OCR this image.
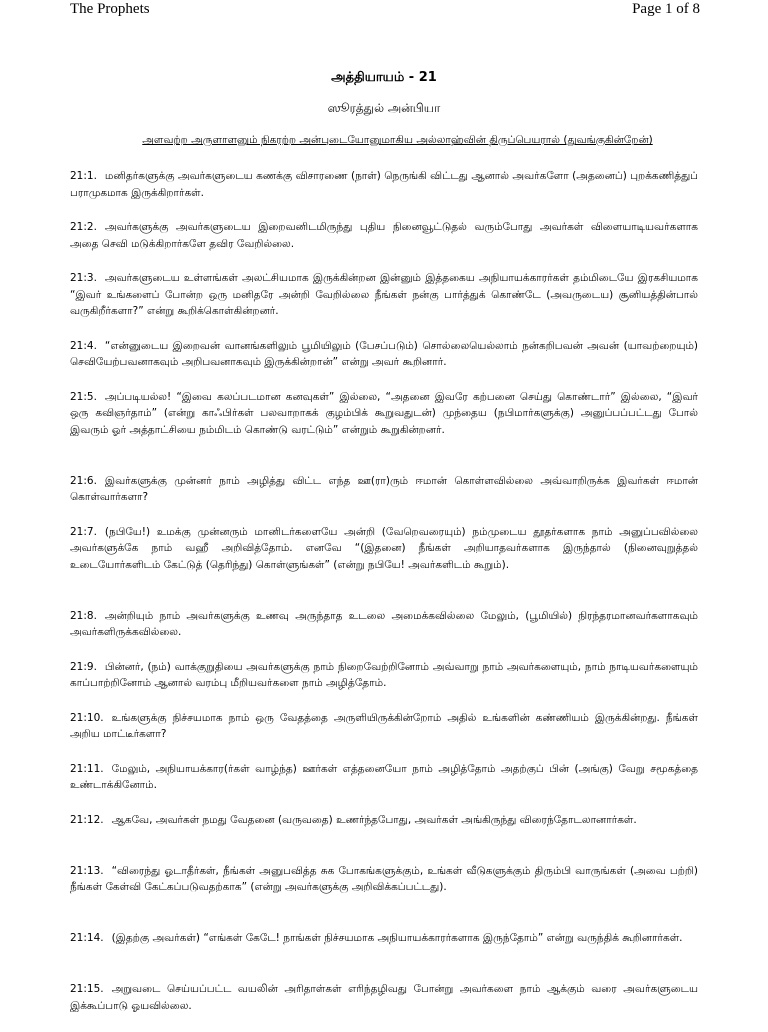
The Prophets	Page 1 of 8
அத்தியாயம் - 21
ஸூரத்துல் அன்பியா
அளவற்ற அருளாளனும் நிகரற்ற அன்புடையோனுமாகிய அல்லாஹ்வின் திருப்பெயரால் (துவங்குகின்றேன்)

21:1. மனிதர்களுக்கு அவர்களுடைய கணக்கு விசாரணை (நாள்) நெருங்கி விட்டது ஆனால் அவர்களோ (அதனைப்) புறக்கணித்துப் பராமுகமாக இருக்கிறார்கள்.

21:2. அவர்களுக்கு அவர்களுடைய இறைவனிடமிருந்து புதிய நினைவூட்டுதல் வரும்போது அவர்கள் விளையாடியவர்களாக அதை செவி மடுக்கிறார்களே தவிர வேறில்லை.

21:3. அவர்களுடைய உள்ளங்கள் அலட்சியமாக இருக்கின்றன இன்னும் இத்தகைய அநியாயக்காரர்கள் தம்மிடையே இரகசியமாக “இவர் உங்களைப் போன்ற ஒரு மனிதரே அன்றி வேறில்லை நீங்கள் நன்கு பார்த்துக் கொண்டே (அவருடைய) சூனியத்தின்பால் வருகிறீர்களா?” என்று கூறிக்கொள்கின்றனர்.

21:4. “என்னுடைய இறைவன் வானங்களிலும் பூமியிலும் (பேசப்படும்) சொல்லையெல்லாம் நன்கறிபவன் அவன் (யாவற்றையும்) செவியேற்பவனாகவும் அறிபவனாகவும் இருக்கின்றான்” என்று அவர் கூறினார்.

21:5. அப்படியல்ல! “இவை கலப்படமான கனவுகள்” இல்லை, “அதனை இவரே கற்பனை செய்து கொண்டார்” இல்லை, “இவர் ஒரு கவிஞர்தாம்” (என்று காஃபிர்கள் பலவாறாகக் குழம்பிக் கூறுவதுடன்) முந்தைய (நபிமார்களுக்கு) அனுப்பப்பட்டது போல் இவரும் ஓர் அத்தாட்சியை நம்மிடம் கொண்டு வரட்டும்” என்றும் கூறுகின்றனர்.

21:6. இவர்களுக்கு முன்னர் நாம் அழித்து விட்ட எந்த ஊ(ரா)ரும் ஈமான் கொள்ளவில்லை அவ்வாறிருக்க இவர்கள் ஈமான் கொள்வார்களா?

21:7. (நபியே!) உமக்கு முன்னரும் மானிடர்களையே அன்றி (வேறெவரையும்) நம்முடைய தூதர்களாக நாம் அனுப்பவில்லை அவர்களுக்கே நாம் வஹீ அறிவித்தோம். எனவே “(இதனை) நீங்கள் அறியாதவர்களாக இருந்தால் (நினைவுறுத்தல் உடையோர்களிடம் கேட்டுத் (தெரிந்து) கொள்ளுங்கள்” (என்று நபியே! அவர்களிடம் கூறும்).

21:8. அன்றியும் நாம் அவர்களுக்கு உணவு அருந்தாத உடலை அமைக்கவில்லை மேலும், (பூமியில்) நிரந்தரமானவர்களாகவும் அவர்களிருக்கவில்லை.

21:9. பின்னர், (நம்) வாக்குறுதியை அவர்களுக்கு நாம் நிறைவேற்றினோம் அவ்வாறு நாம் அவர்களையும், நாம் நாடியவர்களையும் காப்பாற்றினோம் ஆனால் வரம்பு மீறியவர்களை நாம் அழித்தோம்.

21:10. உங்களுக்கு நிச்சயமாக நாம் ஒரு வேதத்தை அருளியிருக்கின்றோம் அதில் உங்களின் கண்ணியம் இருக்கின்றது. நீங்கள் அறிய மாட்டீர்களா?

21:11. மேலும், அநியாயக்கார(ர்கள் வாழ்ந்த) ஊர்கள் எத்தனையோ நாம் அழித்தோம் அதற்குப் பின் (அங்கு) வேறு சமூகத்தை உண்டாக்கினோம்.

21:12. ஆகவே, அவர்கள் நமது வேதனை (வருவதை) உணர்ந்தபோது, அவர்கள் அங்கிருந்து விரைந்தோடலானார்கள்.

21:13. “விரைந்து ஓடாதீர்கள், நீங்கள் அனுபவித்த சுக போகங்களுக்கும், உங்கள் வீடுகளுக்கும் திரும்பி வாருங்கள் (அவை பற்றி) நீங்கள் கேள்வி கேட்கப்படுவதற்காக” (என்று அவர்களுக்கு அறிவிக்கப்பட்டது).

21:14. (இதற்கு அவர்கள்) “எங்கள் கேடே! நாங்கள் நிச்சயமாக அநியாயக்காரர்களாக இருந்தோம்” என்று வருந்திக் கூறினார்கள்.

21:15. அறுவடை செய்யப்பட்ட வயலின் அரிதாள்கள் எரிந்தழிவது போன்று அவர்களை நாம் ஆக்கும் வரை அவர்களுடைய இக்கூப்பாடு ஓயவில்லை.
